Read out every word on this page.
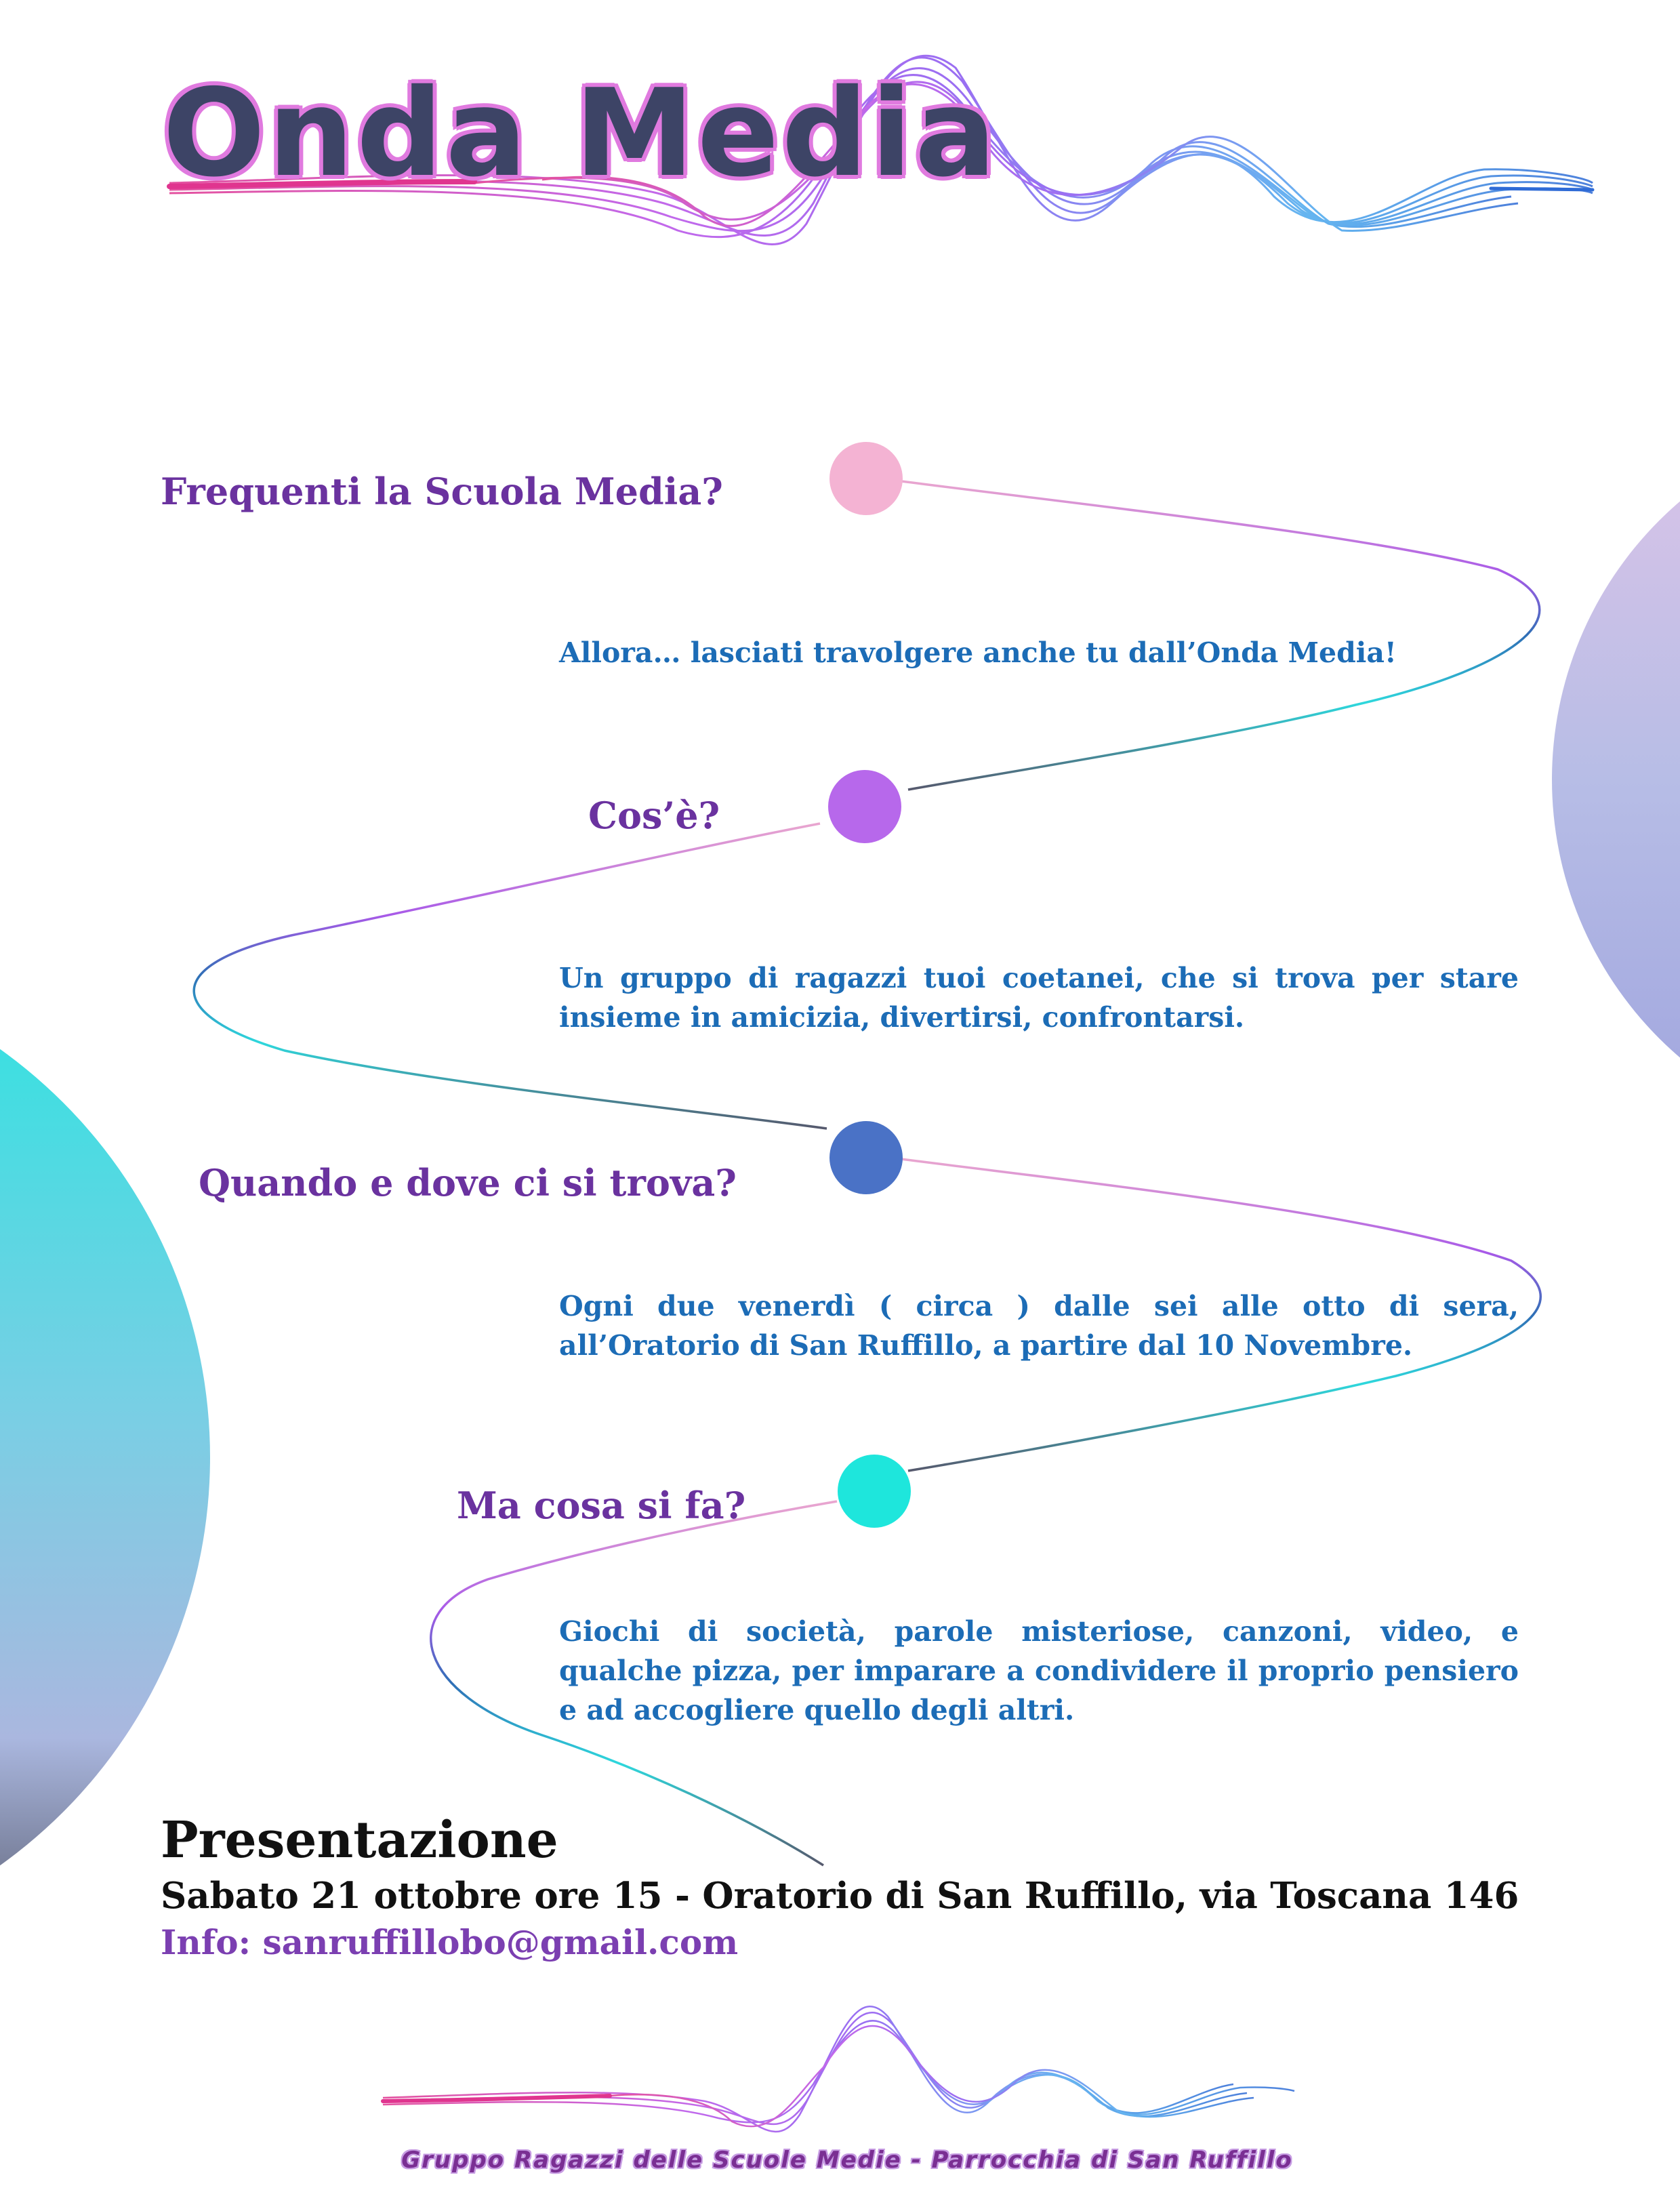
Onda Media
Frequenti la Scuola Media?
Allora… lasciati travolgere anche tu dall’Onda Media!
Cos’è?
Un gruppo di ragazzi tuoi coetanei, che si trova per stare insieme in amicizia, divertirsi, confrontarsi.
Quando e dove ci si trova?
Ogni due venerdì ( circa ) dalle sei alle otto di sera, all’Oratorio di San Ruffillo, a partire dal 10 Novembre.
Ma cosa si fa?
Giochi di società, parole misteriose, canzoni, video, e qualche pizza, per imparare a condividere il proprio pensiero e ad accogliere quello degli altri.
Presentazione
Sabato 21 ottobre ore 15 - Oratorio di San Ruffillo, via Toscana 146
Info: sanruffillobo@gmail.com
Gruppo Ragazzi delle Scuole Medie - Parrocchia di San Ruffillo
